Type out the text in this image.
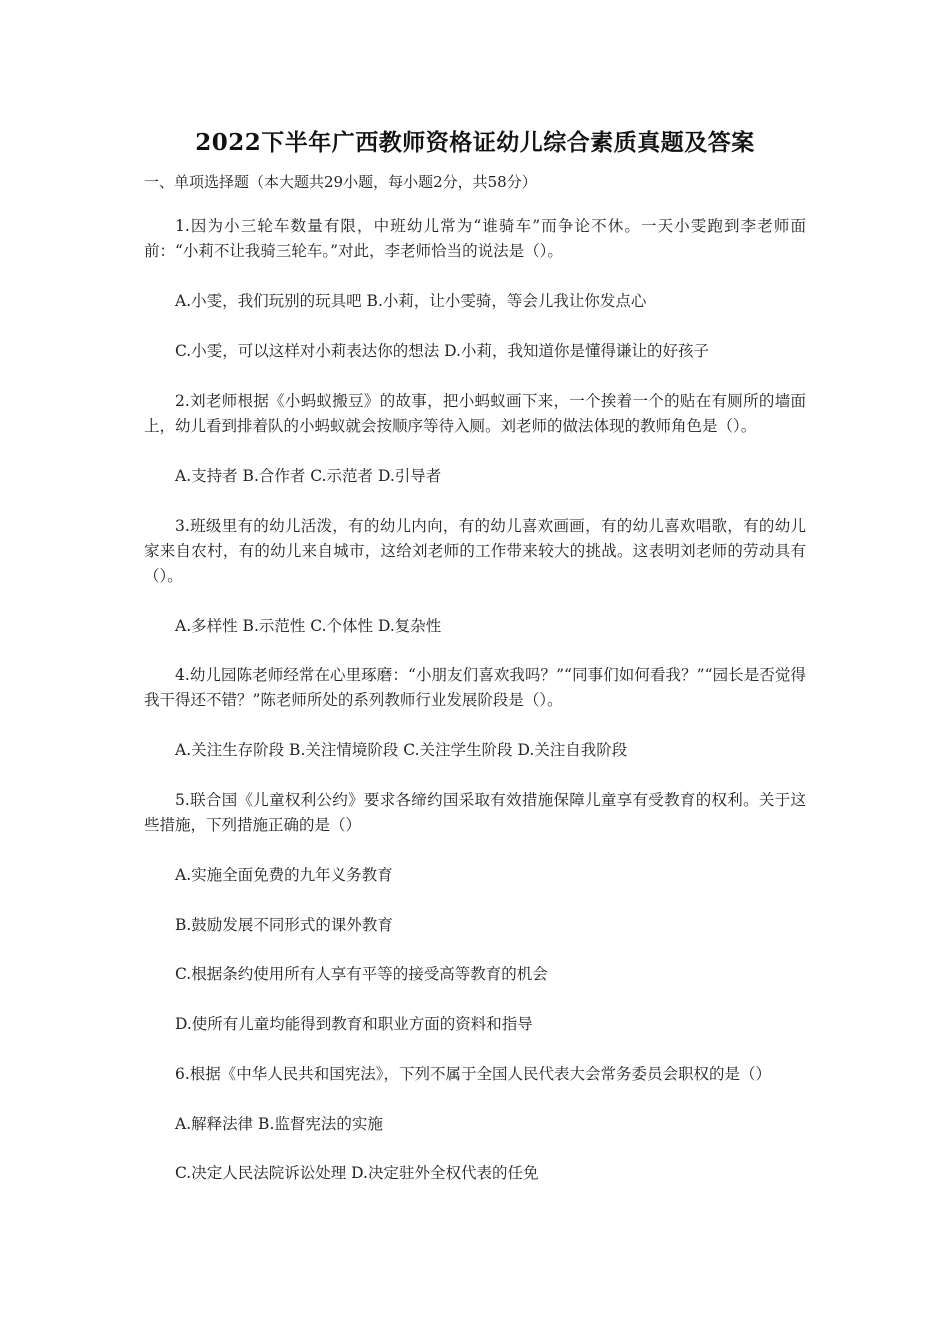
2022下半年广西教师资格证幼儿综合素质真题及答案
一、单项选择题（本大题共29小题，每小题2分，共58分）
1.因为小三轮车数量有限，中班幼儿常为“谁骑车”而争论不休。一天小雯跑到李老师面前：“小莉不让我骑三轮车。”对此，李老师恰当的说法是（）。
A.小雯，我们玩别的玩具吧 B.小莉，让小雯骑，等会儿我让你发点心
C.小雯，可以这样对小莉表达你的想法 D.小莉，我知道你是懂得谦让的好孩子
2.刘老师根据《小蚂蚁搬豆》的故事，把小蚂蚁画下来，一个挨着一个的贴在有厕所的墙面上，幼儿看到排着队的小蚂蚁就会按顺序等待入厕。刘老师的做法体现的教师角色是（）。
A.支持者 B.合作者 C.示范者 D.引导者
3.班级里有的幼儿活泼，有的幼儿内向，有的幼儿喜欢画画，有的幼儿喜欢唱歌，有的幼儿家来自农村，有的幼儿来自城市，这给刘老师的工作带来较大的挑战。这表明刘老师的劳动具有（）。
A.多样性 B.示范性 C.个体性 D.复杂性
4.幼儿园陈老师经常在心里琢磨：“小朋友们喜欢我吗？”“同事们如何看我？”“园长是否觉得我干得还不错？”陈老师所处的系列教师行业发展阶段是（）。
A.关注生存阶段 B.关注情境阶段 C.关注学生阶段 D.关注自我阶段
5.联合国《儿童权利公约》要求各缔约国采取有效措施保障儿童享有受教育的权利。关于这些措施，下列措施正确的是（）
A.实施全面免费的九年义务教育
B.鼓励发展不同形式的课外教育
C.根据条约使用所有人享有平等的接受高等教育的机会
D.使所有儿童均能得到教育和职业方面的资料和指导
6.根据《中华人民共和国宪法》，下列不属于全国人民代表大会常务委员会职权的是（）
A.解释法律 B.监督宪法的实施
C.决定人民法院诉讼处理 D.决定驻外全权代表的任免
